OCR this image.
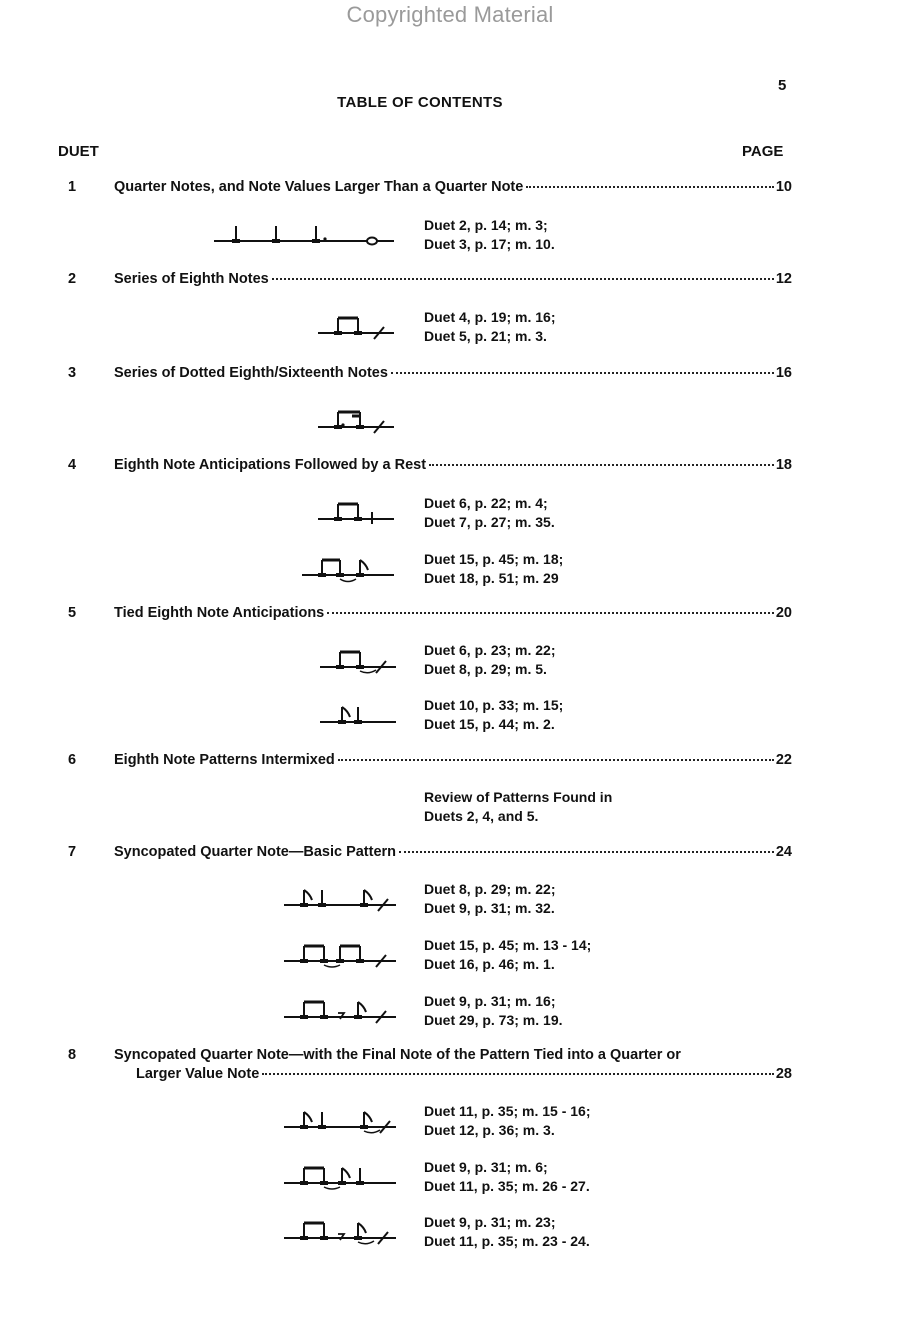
Copyrighted Material
5
TABLE OF CONTENTS
DUET	PAGE
1	Quarter Notes, and Note Values Larger Than a Quarter Note	10
Duet 2, p. 14; m. 3;
Duet 3, p. 17; m. 10.
2	Series of Eighth Notes	12
Duet 4, p. 19; m. 16;
Duet 5, p. 21; m. 3.
3	Series of Dotted Eighth/Sixteenth Notes	16
4	Eighth Note Anticipations Followed by a Rest	18
Duet 6, p. 22; m. 4;
Duet 7, p. 27; m. 35.
Duet 15, p. 45; m. 18;
Duet 18, p. 51; m. 29
5	Tied Eighth Note Anticipations	20
Duet 6, p. 23; m. 22;
Duet 8, p. 29; m. 5.
Duet 10, p. 33; m. 15;
Duet 15, p. 44; m. 2.
6	Eighth Note Patterns Intermixed	22
Review of Patterns Found in
Duets 2, 4, and 5.
7	Syncopated Quarter Note—Basic Pattern	24
Duet 8, p. 29; m. 22;
Duet 9, p. 31; m. 32.
Duet 15, p. 45; m. 13 - 14;
Duet 16, p. 46; m. 1.
Duet 9, p. 31; m. 16;
Duet 29, p. 73; m. 19.
8	Syncopated Quarter Note—with the Final Note of the Pattern Tied into a Quarter or
Larger Value Note	28
Duet 11, p. 35; m. 15 - 16;
Duet 12, p. 36; m. 3.
Duet 9, p. 31; m. 6;
Duet 11, p. 35; m. 26 - 27.
Duet 9, p. 31; m. 23;
Duet 11, p. 35; m. 23 - 24.
